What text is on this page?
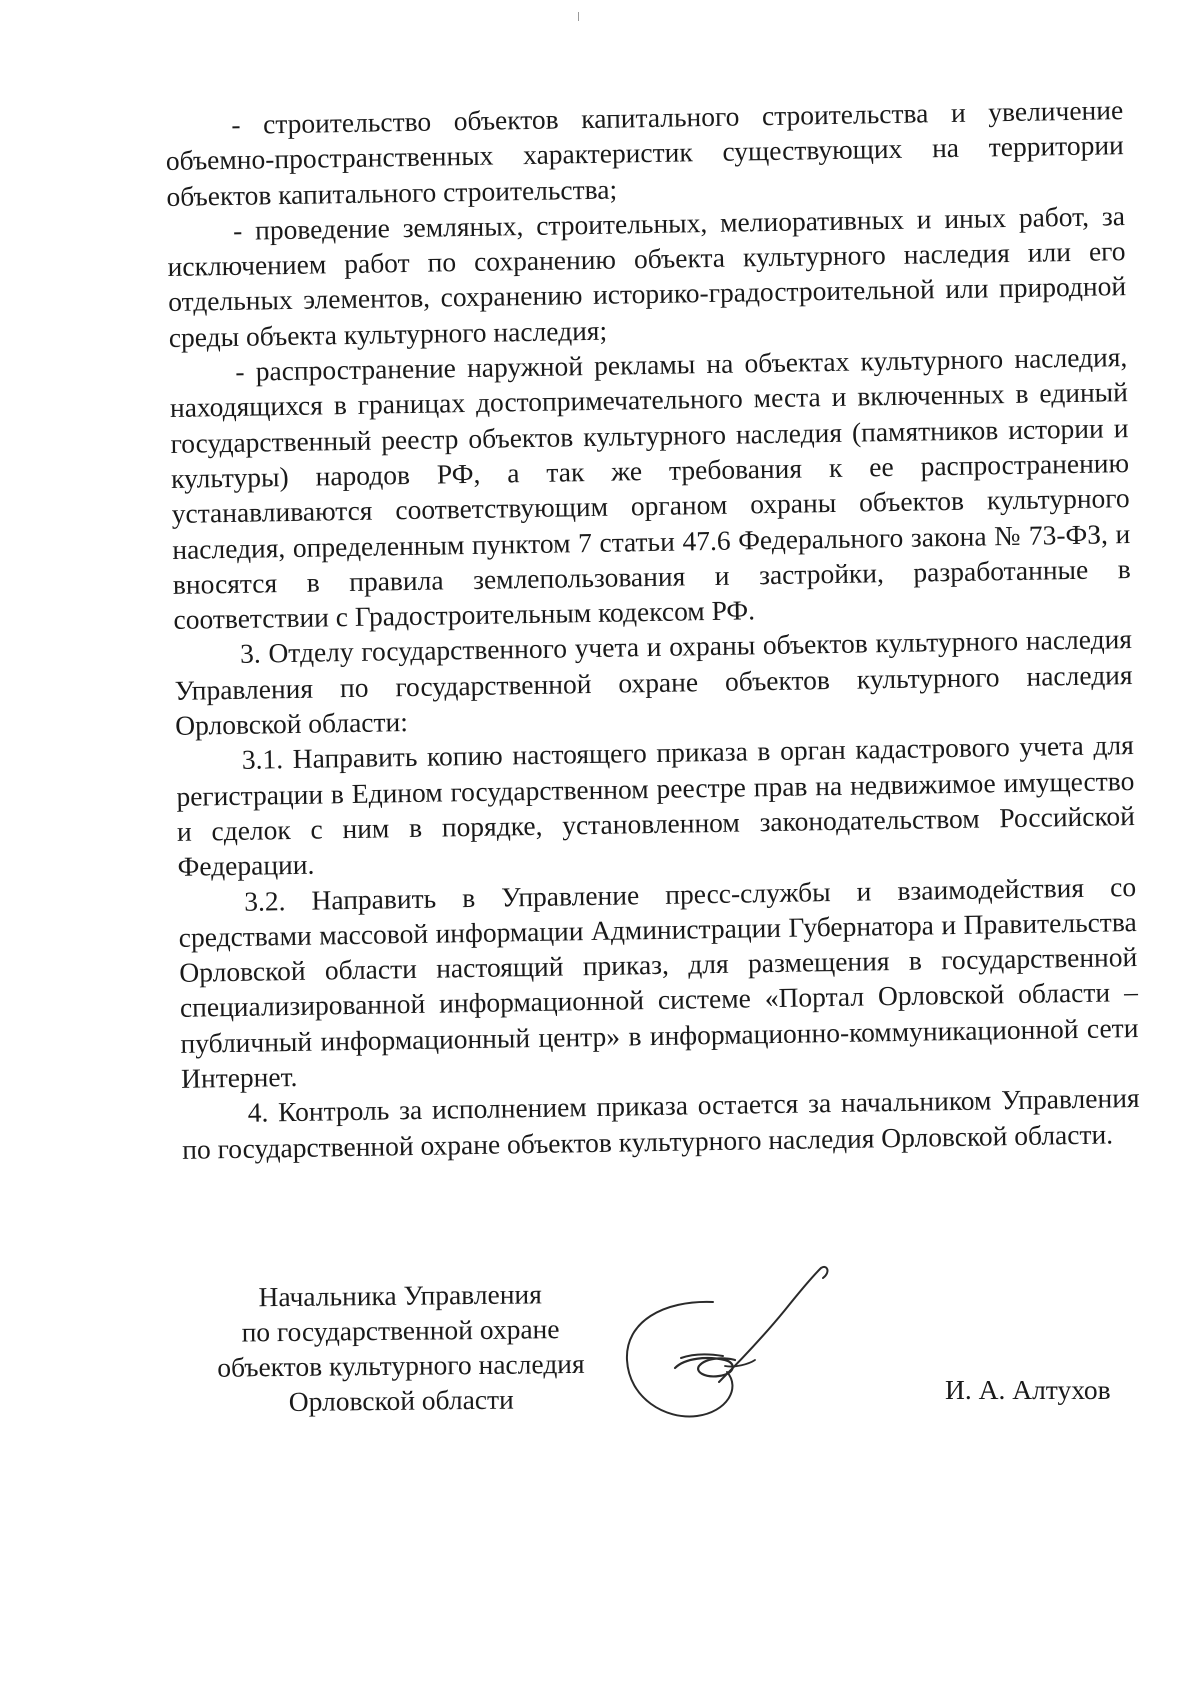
- строительство объектов капитального строительства и увеличение объемно-пространственных характеристик существующих на территории объектов капитального строительства;

- проведение земляных, строительных, мелиоративных и иных работ, за исключением работ по сохранению объекта культурного наследия или его отдельных элементов, сохранению историко-градостроительной или природной среды объекта культурного наследия;

- распространение наружной рекламы на объектах культурного наследия, находящихся в границах достопримечательного места и включенных в единый государственный реестр объектов культурного наследия (памятников истории и культуры) народов РФ, а так же требования к ее распространению устанавливаются соответствующим органом охраны объектов культурного наследия, определенным пунктом 7 статьи 47.6 Федерального закона № 73-ФЗ, и вносятся в правила землепользования и застройки, разработанные в соответствии с Градостроительным кодексом РФ.

3. Отделу государственного учета и охраны объектов культурного наследия Управления по государственной охране объектов культурного наследия Орловской области:

3.1. Направить копию настоящего приказа в орган кадастрового учета для регистрации в Едином государственном реестре прав на недвижимое имущество и сделок с ним в порядке, установленном законодательством Российской Федерации.

3.2. Направить в Управление пресс-службы и взаимодействия со средствами массовой информации Администрации Губернатора и Правительства Орловской области настоящий приказ, для размещения в государственной специализированной информационной системе «Портал Орловской области – публичный информационный центр» в информационно-коммуникационной сети Интернет.

4. Контроль за исполнением приказа остается за начальником Управления по государственной охране объектов культурного наследия Орловской области.

Начальника Управления
по государственной охране
объектов культурного наследия
Орловской области	И. А. Алтухов
